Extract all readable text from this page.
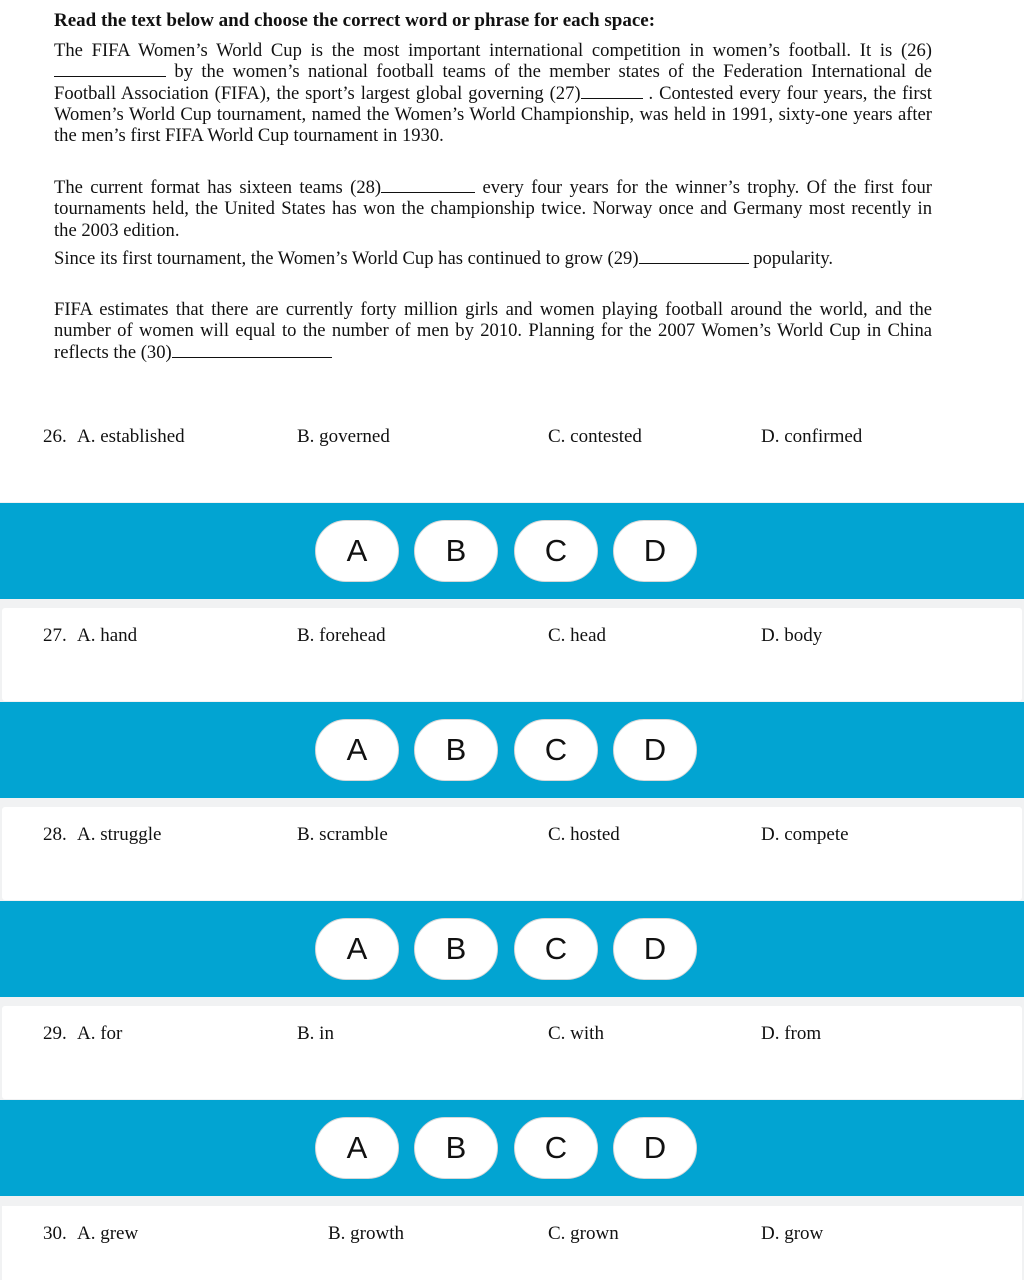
Read the text below and choose the correct word or phrase for each space:

The FIFA Women’s World Cup is the most important international competition in women’s football. It is (26)  by the women’s national football teams of the member states of the Federation International de Football Association (FIFA), the sport’s largest global governing (27)	. Contested every four years, the first Women’s World Cup tournament, named the Women’s World Championship, was held in 1991, sixty-one years after the men’s first FIFA World Cup tournament in 1930.

The current format has sixteen teams (28)	every four years for the winner’s trophy. Of the first four tournaments held, the United States has won the championship twice. Norway once and Germany most recently in the 2003 edition.

Since its first tournament, the Women’s World Cup has continued to grow (29)	popularity.

FIFA estimates that there are currently forty million girls and women playing football around the world, and the number of women will equal to the number of men by 2010. Planning for the 2007 Women’s World Cup in China reflects the (30)

26. A. established	B. governed	C. contested	D. confirmed
A	B	C	D
27. A. hand	B. forehead	C. head	D. body
A	B	C	D
28. A. struggle	B. scramble	C. hosted	D. compete
A	B	C	D
29. A. for	B. in	C. with	D. from
A	B	C	D
30. A. grew	B. growth	C. grown	D. grow
